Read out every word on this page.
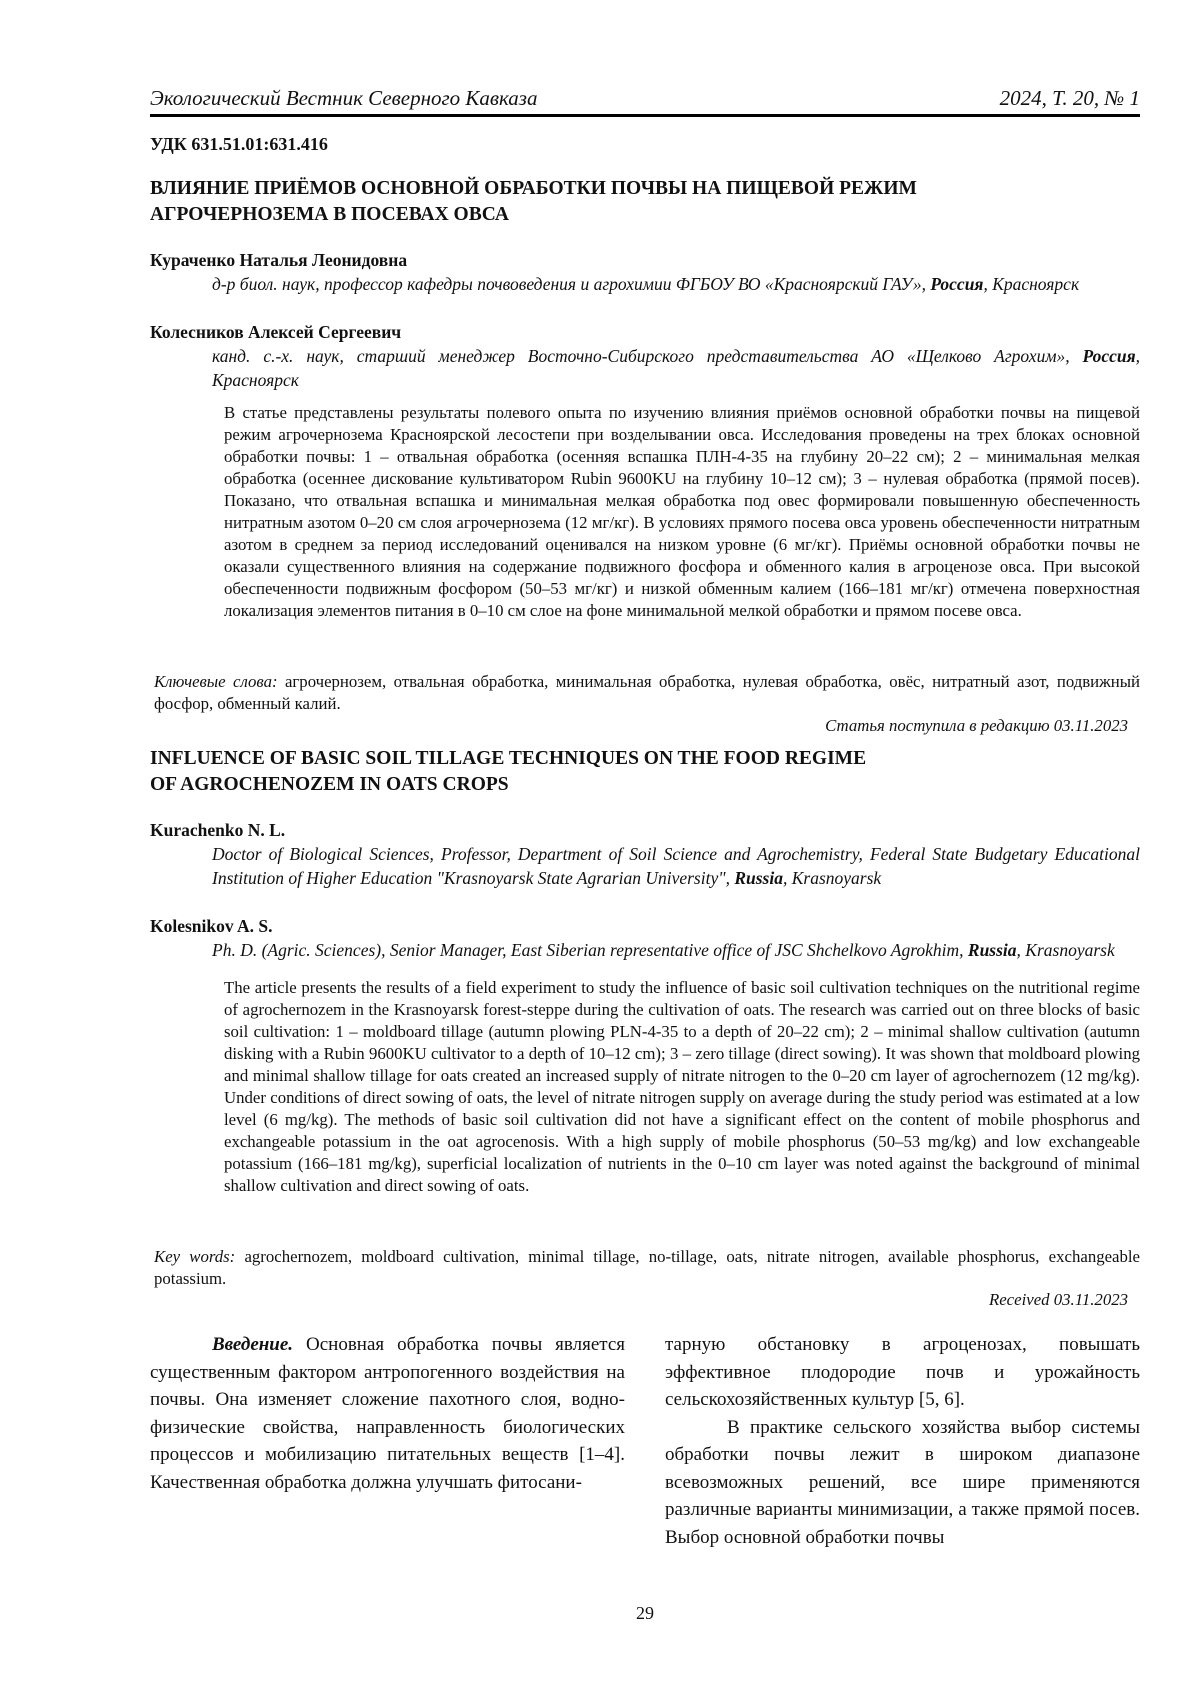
Экологический Вестник Северного Кавказа	2024, Т. 20, № 1
УДК 631.51.01:631.416
ВЛИЯНИЕ ПРИЁМОВ ОСНОВНОЙ ОБРАБОТКИ ПОЧВЫ НА ПИЩЕВОЙ РЕЖИМ
АГРОЧЕРНОЗЕМА В ПОСЕВАХ ОВСА
Кураченко Наталья Леонидовна
д-р биол. наук, профессор кафедры почвоведения и агрохимии ФГБОУ ВО «Красноярский ГАУ», Россия, Красноярск
Колесников Алексей Сергеевич
канд. с.-х. наук, старший менеджер Восточно-Сибирского представительства АО «Щелково Агрохим», Россия, Красноярск

В статье представлены результаты полевого опыта по изучению влияния приёмов основной обработки почвы на пищевой режим агрочернозема Красноярской лесостепи при возделывании овса. Исследования проведены на трех блоках основной обработки почвы: 1 – отвальная обработка (осенняя вспашка ПЛН-4-35 на глубину 20–22 см); 2 – минимальная мелкая обработка (осеннее дискование культиватором Rubin 9600KU на глубину 10–12 см); 3 – нулевая обработка (прямой посев). Показано, что отвальная вспашка и минимальная мелкая обработка под овес формировали повышенную обеспеченность нитратным азотом 0–20 см слоя агрочернозема (12 мг/кг). В условиях прямого посева овса уровень обеспеченности нитратным азотом в среднем за период исследований оценивался на низком уровне (6 мг/кг). Приёмы основной обработки почвы не оказали существенного влияния на содержание подвижного фосфора и обменного калия в агроценозе овса. При высокой обеспеченности подвижным фосфором (50–53 мг/кг) и низкой обменным калием (166–181 мг/кг) отмечена поверхностная локализация элементов питания в 0–10 см слое на фоне минимальной мелкой обработки и прямом посеве овса.

Ключевые слова: агрочернозем, отвальная обработка, минимальная обработка, нулевая обработка, овёс, нитратный азот, подвижный фосфор, обменный калий.
Статья поступила в редакцию 03.11.2023
INFLUENCE OF BASIC SOIL TILLAGE TECHNIQUES ON THE FOOD REGIME
OF AGROCHENOZEM IN OATS CROPS
Kurachenko N. L.
Doctor of Biological Sciences, Professor, Department of Soil Science and Agrochemistry, Federal State Budgetary Educational Institution of Higher Education "Krasnoyarsk State Agrarian University", Russia, Krasnoyarsk
Kolesnikov A. S.
Ph. D. (Agric. Sciences), Senior Manager, East Siberian representative office of JSC Shchelkovo Agrokhim, Russia, Krasnoyarsk

The article presents the results of a field experiment to study the influence of basic soil cultivation techniques on the nutritional regime of agrochernozem in the Krasnoyarsk forest-steppe during the cultivation of oats. The research was carried out on three blocks of basic soil cultivation: 1 – moldboard tillage (autumn plowing PLN-4-35 to a depth of 20–22 cm); 2 – minimal shallow cultivation (autumn disking with a Rubin 9600KU cultivator to a depth of 10–12 cm); 3 – zero tillage (direct sowing). It was shown that moldboard plowing and minimal shallow tillage for oats created an increased supply of nitrate nitrogen to the 0–20 cm layer of agrochernozem (12 mg/kg). Under conditions of direct sowing of oats, the level of nitrate nitrogen supply on average during the study period was estimated at a low level (6 mg/kg). The methods of basic soil cultivation did not have a significant effect on the content of mobile phosphorus and exchangeable potassium in the oat agrocenosis. With a high supply of mobile phosphorus (50–53 mg/kg) and low exchangeable potassium (166–181 mg/kg), superficial localization of nutrients in the 0–10 cm layer was noted against the background of minimal shallow cultivation and direct sowing of oats.

Key words: agrochernozem, moldboard cultivation, minimal tillage, no-tillage, oats, nitrate nitrogen, available phosphorus, exchangeable potassium.
Received 03.11.2023

Введение. Основная обработка почвы является существенным фактором антропогенного воздействия на почвы. Она изменяет сложение пахотного слоя, водно-физические свойства, направленность биологических процессов и мобилизацию питательных веществ [1–4]. Качественная обработка должна улучшать фитосани-

тарную обстановку в агроценозах, повышать эффективное плодородие почв и урожайность сельскохозяйственных культур [5, 6].

В практике сельского хозяйства выбор системы обработки почвы лежит в широком диапазоне всевозможных решений, все шире применяются различные варианты минимизации, а также прямой посев. Выбор основной обработки почвы

29
